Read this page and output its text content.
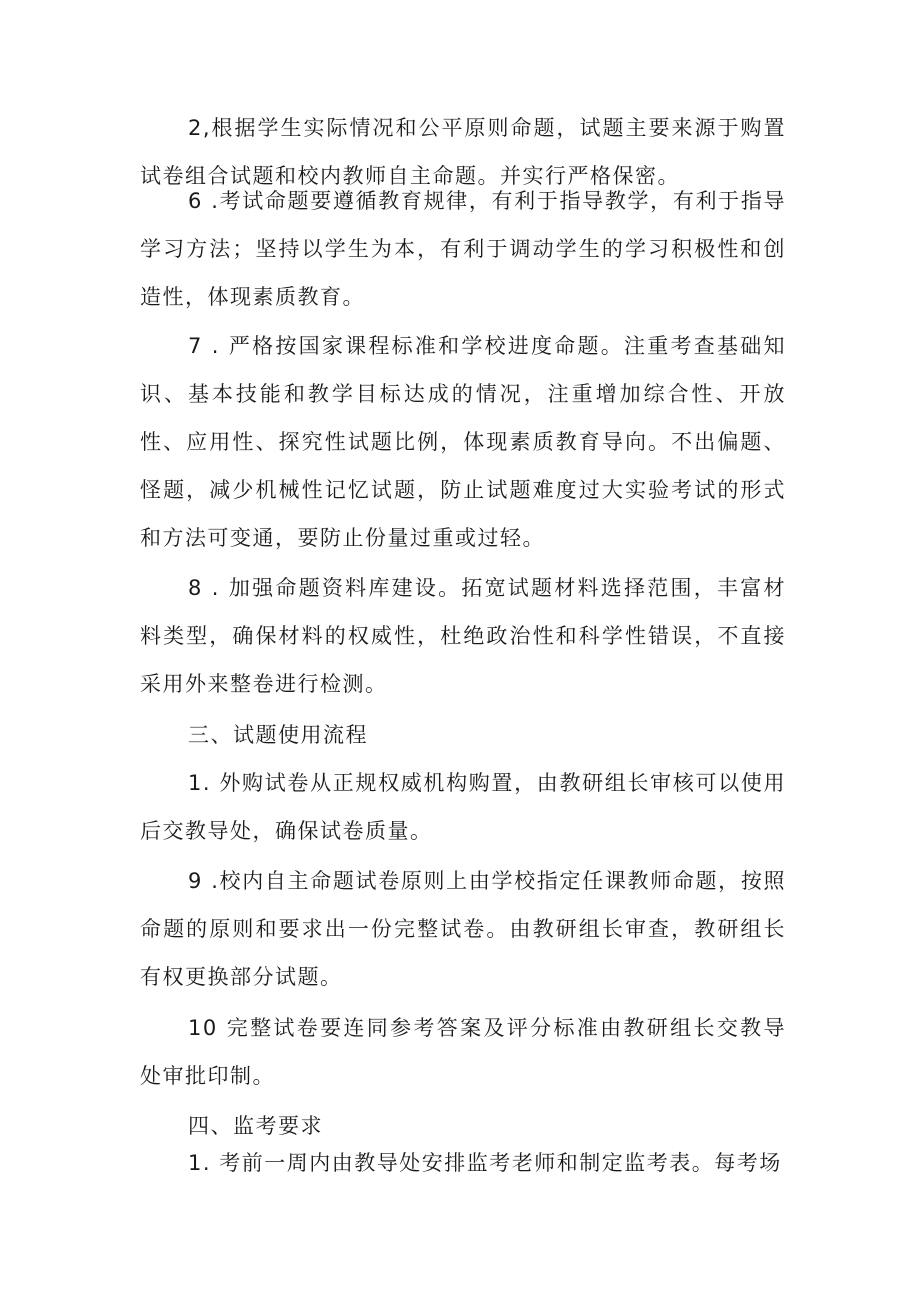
2,根据学生实际情况和公平原则命题，试题主要来源于购置试卷组合试题和校内教师自主命题。并实行严格保密。

6 .考试命题要遵循教育规律，有利于指导教学，有利于指导学习方法；坚持以学生为本，有利于调动学生的学习积极性和创造性，体现素质教育。

7 . 严格按国家课程标准和学校进度命题。注重考查基础知识、基本技能和教学目标达成的情况，注重增加综合性、开放性、应用性、探究性试题比例，体现素质教育导向。不出偏题、怪题，减少机械性记忆试题，防止试题难度过大实验考试的形式和方法可变通，要防止份量过重或过轻。

8 . 加强命题资料库建设。拓宽试题材料选择范围，丰富材料类型，确保材料的权威性，杜绝政治性和科学性错误，不直接采用外来整卷进行检测。

三、试题使用流程

1. 外购试卷从正规权威机构购置，由教研组长审核可以使用后交教导处，确保试卷质量。

9 .校内自主命题试卷原则上由学校指定任课教师命题，按照命题的原则和要求出一份完整试卷。由教研组长审查，教研组长有权更换部分试题。

10 完整试卷要连同参考答案及评分标准由教研组长交教导处审批印制。

四、监考要求

1. 考前一周内由教导处安排监考老师和制定监考表。每考场
